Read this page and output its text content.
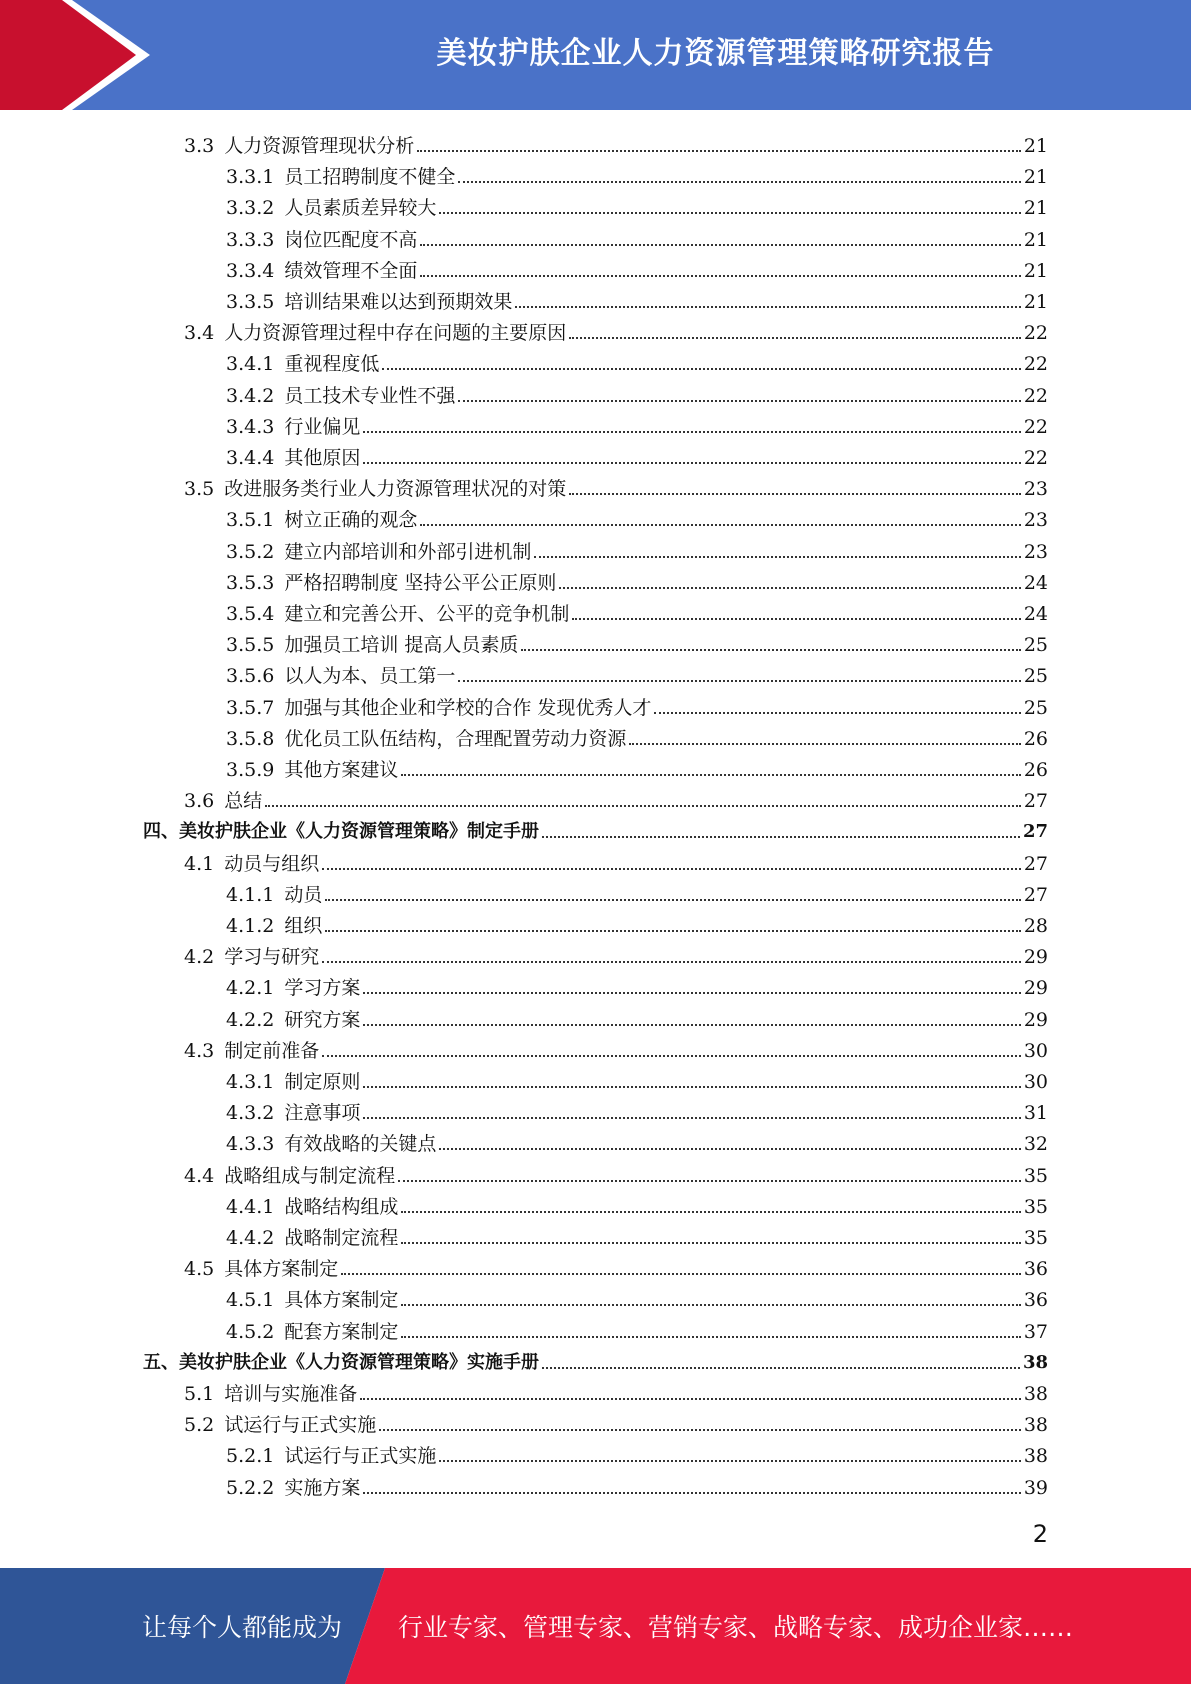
美妆护肤企业人力资源管理策略研究报告
3.3 人力资源管理现状分析	21
3.3.1 员工招聘制度不健全	21
3.3.2 人员素质差异较大	21
3.3.3 岗位匹配度不高	21
3.3.4 绩效管理不全面	21
3.3.5 培训结果难以达到预期效果	21
3.4 人力资源管理过程中存在问题的主要原因	22
3.4.1 重视程度低	22
3.4.2 员工技术专业性不强	22
3.4.3 行业偏见	22
3.4.4 其他原因	22
3.5 改进服务类行业人力资源管理状况的对策	23
3.5.1 树立正确的观念	23
3.5.2 建立内部培训和外部引进机制	23
3.5.3 严格招聘制度 坚持公平公正原则	24
3.5.4 建立和完善公开、公平的竞争机制	24
3.5.5 加强员工培训 提高人员素质	25
3.5.6 以人为本、员工第一	25
3.5.7 加强与其他企业和学校的合作 发现优秀人才	25
3.5.8 优化员工队伍结构，合理配置劳动力资源	26
3.5.9 其他方案建议	26
3.6 总结	27
四、 美妆护肤企业《人力资源管理策略》制定手册	27
4.1 动员与组织	27
4.1.1 动员	27
4.1.2 组织	28
4.2 学习与研究	29
4.2.1 学习方案	29
4.2.2 研究方案	29
4.3 制定前准备	30
4.3.1 制定原则	30
4.3.2 注意事项	31
4.3.3 有效战略的关键点	32
4.4 战略组成与制定流程	35
4.4.1 战略结构组成	35
4.4.2 战略制定流程	35
4.5 具体方案制定	36
4.5.1 具体方案制定	36
4.5.2 配套方案制定	37
五、 美妆护肤企业《人力资源管理策略》实施手册	38
5.1 培训与实施准备	38
5.2 试运行与正式实施	38
5.2.1 试运行与正式实施	38
5.2.2 实施方案	39
2
让每个人都能成为 行业专家、管理专家、营销专家、战略专家、成功企业家……
